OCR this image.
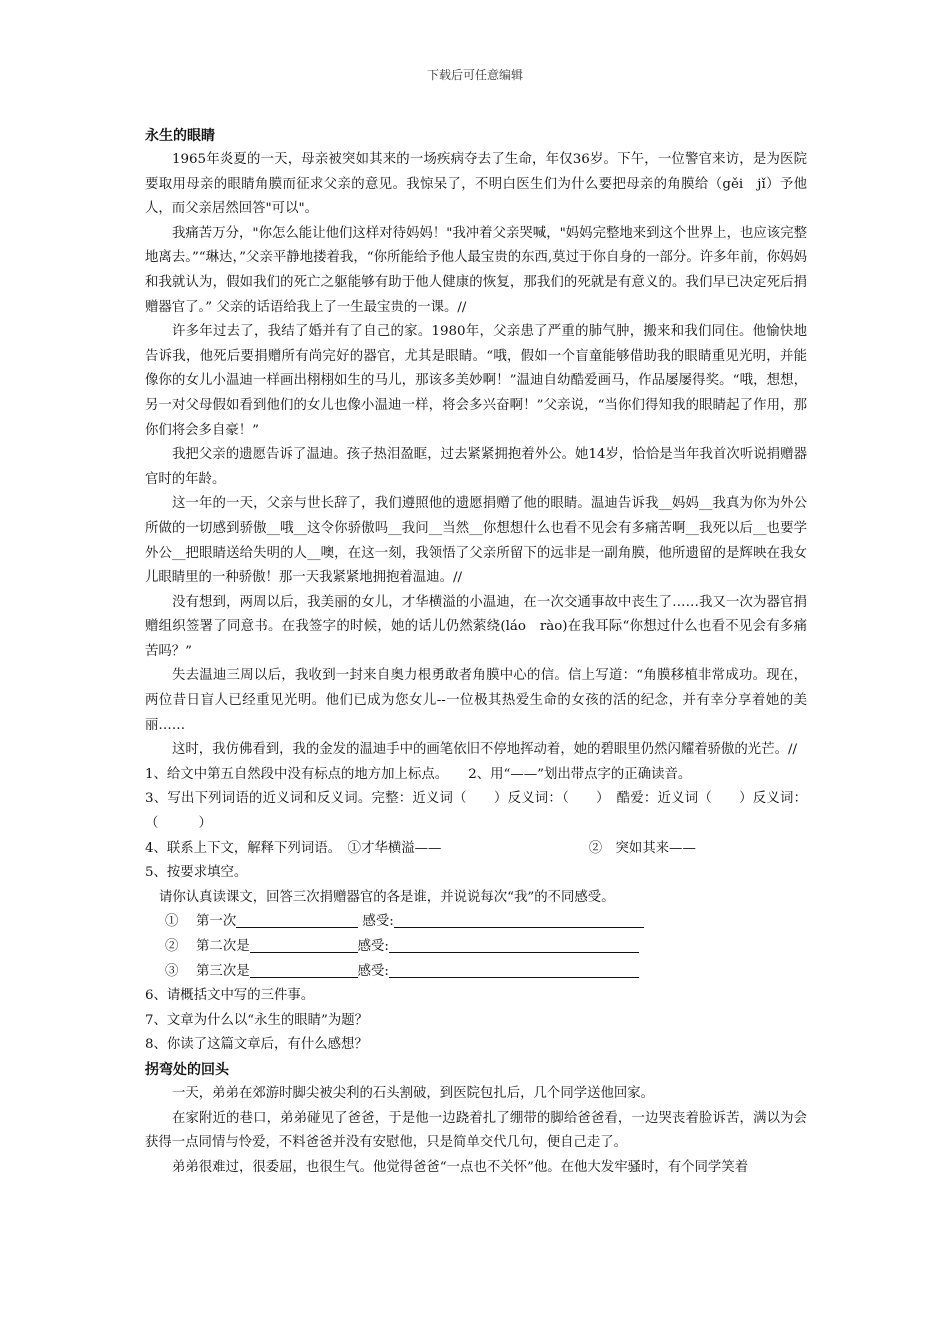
下载后可任意编辑
永生的眼睛

1965年炎夏的一天，母亲被突如其来的一场疾病夺去了生命，年仅36岁。下午，一位警官来访，是为医院要取用母亲的眼睛角膜而征求父亲的意见。我惊呆了，不明白医生们为什么要把母亲的角膜给（gěi　jǐ）予他人，而父亲居然回答"可以"。

我痛苦万分，"你怎么能让他们这样对待妈妈！"我冲着父亲哭喊，"妈妈完整地来到这个世界上，也应该完整地离去。”“琳达，”父亲平静地搂着我，“你所能给予他人最宝贵的东西,莫过于你自身的一部分。许多年前，你妈妈和我就认为，假如我们的死亡之躯能够有助于他人健康的恢复，那我们的死就是有意义的。我们早已决定死后捐赠器官了。” 父亲的话语给我上了一生最宝贵的一课。//

许多年过去了，我结了婚并有了自己的家。1980年，父亲患了严重的肺气肿，搬来和我们同住。他愉快地告诉我，他死后要捐赠所有尚完好的器官，尤其是眼睛。“哦，假如一个盲童能够借助我的眼睛重见光明，并能像你的女儿小温迪一样画出栩栩如生的马儿，那该多美妙啊！”温迪自幼酷爱画马，作品屡屡得奖。“哦，想想，另一对父母假如看到他们的女儿也像小温迪一样，将会多兴奋啊！”父亲说，“当你们得知我的眼睛起了作用，那你们将会多自豪！”

我把父亲的遗愿告诉了温迪。孩子热泪盈眶，过去紧紧拥抱着外公。她14岁，恰恰是当年我首次听说捐赠器官时的年龄。

这一年的一天，父亲与世长辞了，我们遵照他的遗愿捐赠了他的眼睛。温迪告诉我__妈妈__我真为你为外公所做的一切感到骄傲__哦__这令你骄傲吗__我问__当然__你想想什么也看不见会有多痛苦啊__我死以后__也要学外公__把眼睛送给失明的人__噢，在这一刻，我领悟了父亲所留下的远非是一副角膜，他所遗留的是辉映在我女儿眼睛里的一种骄傲！那一天我紧紧地拥抱着温迪。//

没有想到，两周以后，我美丽的女儿，才华横溢的小温迪，在一次交通事故中丧生了……我又一次为器官捐赠组织签署了同意书。在我签字的时候，她的话儿仍然萦绕(láo　rào)在我耳际“你想过什么也看不见会有多痛苦吗？”

失去温迪三周以后，我收到一封来自奥力根勇敢者角膜中心的信。信上写道：“角膜移植非常成功。现在，两位昔日盲人已经重见光明。他们已成为您女儿--一位极其热爱生命的女孩的活的纪念，并有幸分享着她的美丽……

这时，我仿佛看到，我的金发的温迪手中的画笔依旧不停地挥动着，她的碧眼里仍然闪耀着骄傲的光芒。//

1、给文中第五自然段中没有标点的地方加上标点。　　2、用“——”划出带点字的正确读音。

3、写出下列词语的近义词和反义词。完整：近义词（　　）反义词：（　　）　酷爱：近义词（　　）反义词：（　　　）

4、联系上下文，解释下列词语。　①才华横溢——　　　　　　　　　　　②　突如其来——

5、按要求填空。

请你认真读课文，回答三次捐赠器官的各是谁，并说说每次“我”的不同感受。

①　 第一次	感受:
②　 第二次是	感受:
③　 第三次是	感受:

6、请概括文中写的三件事。

7、文章为什么以“永生的眼睛”为题？

8、你读了这篇文章后，有什么感想？

拐弯处的回头

一天，弟弟在郊游时脚尖被尖利的石头割破，到医院包扎后，几个同学送他回家。

在家附近的巷口，弟弟碰见了爸爸，于是他一边跷着扎了绷带的脚给爸爸看，一边哭丧着脸诉苦，满以为会获得一点同情与怜爱，不料爸爸并没有安慰他，只是简单交代几句，便自己走了。

弟弟很难过，很委屈，也很生气。他觉得爸爸“一点也不关怀”他。在他大发牢骚时，有个同学笑着
